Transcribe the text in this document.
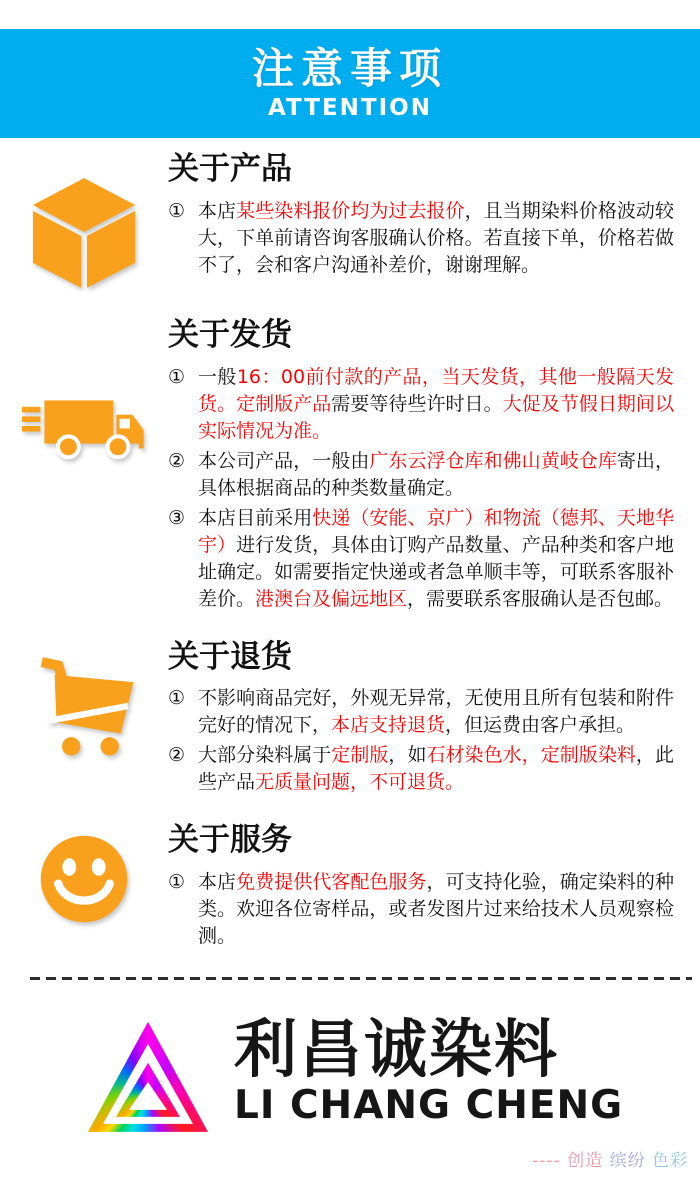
注意事项
ATTENTION
关于产品

① 本店某些染料报价均为过去报价，且当期染料价格波动较大，下单前请咨询客服确认价格。若直接下单，价格若做不了，会和客户沟通补差价，谢谢理解。

关于发货

① 一般16：00前付款的产品，当天发货，其他一般隔天发货。定制版产品需要等待些许时日。大促及节假日期间以实际情况为准。

② 本公司产品，一般由广东云浮仓库和佛山黄岐仓库寄出，具体根据商品的种类数量确定。

③ 本店目前采用快递（安能、京广）和物流（德邦、天地华宇）进行发货，具体由订购产品数量、产品种类和客户地址确定。如需要指定快递或者急单顺丰等，可联系客服补差价。港澳台及偏远地区，需要联系客服确认是否包邮。

关于退货

① 不影响商品完好，外观无异常，无使用且所有包装和附件完好的情况下，本店支持退货，但运费由客户承担。

② 大部分染料属于定制版，如石材染色水，定制版染料，此些产品无质量问题，不可退货。

关于服务

① 本店免费提供代客配色服务，可支持化验，确定染料的种类。欢迎各位寄样品，或者发图片过来给技术人员观察检测。

利昌诚染料
LI CHANG CHENG
---- 创造 缤纷 色彩
